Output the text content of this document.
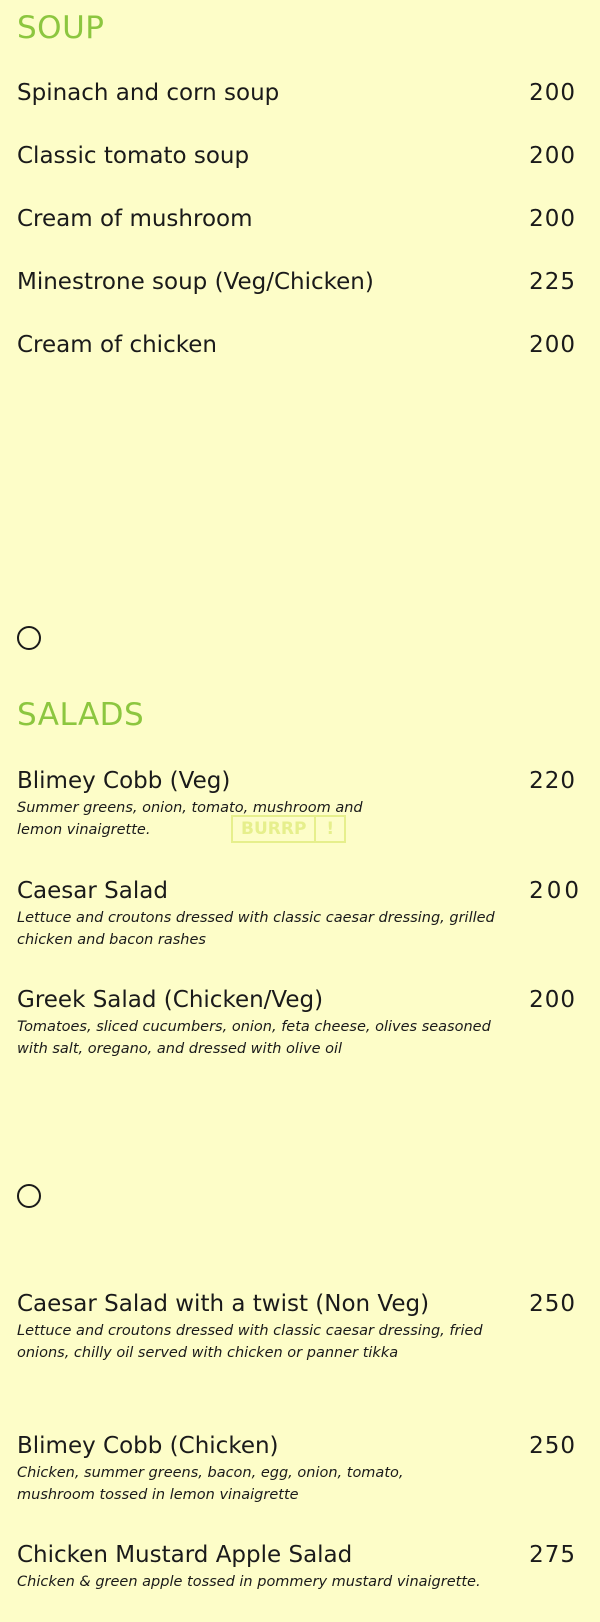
SOUP
Spinach and corn soup	200
Classic tomato soup	200
Cream of mushroom	200
Minestrone soup (Veg/Chicken)	225
Cream of chicken	200
SALADS
Blimey Cobb (Veg)	220
Summer greens, onion, tomato, mushroom and lemon vinaigrette.	BURRP	!
Caesar Salad	200
Lettuce and croutons dressed with classic caesar dressing, grilled chicken and bacon rashes
Greek Salad (Chicken/Veg)	200
Tomatoes, sliced cucumbers, onion, feta cheese, olives seasoned with salt, oregano, and dressed with olive oil
Caesar Salad with a twist (Non Veg)	250
Lettuce and croutons dressed with classic caesar dressing, fried onions, chilly oil served with chicken or panner tikka
Blimey Cobb (Chicken)	250
Chicken, summer greens, bacon, egg, onion, tomato, mushroom tossed in lemon vinaigrette
Chicken Mustard Apple Salad	275
Chicken & green apple tossed in pommery mustard vinaigrette.
